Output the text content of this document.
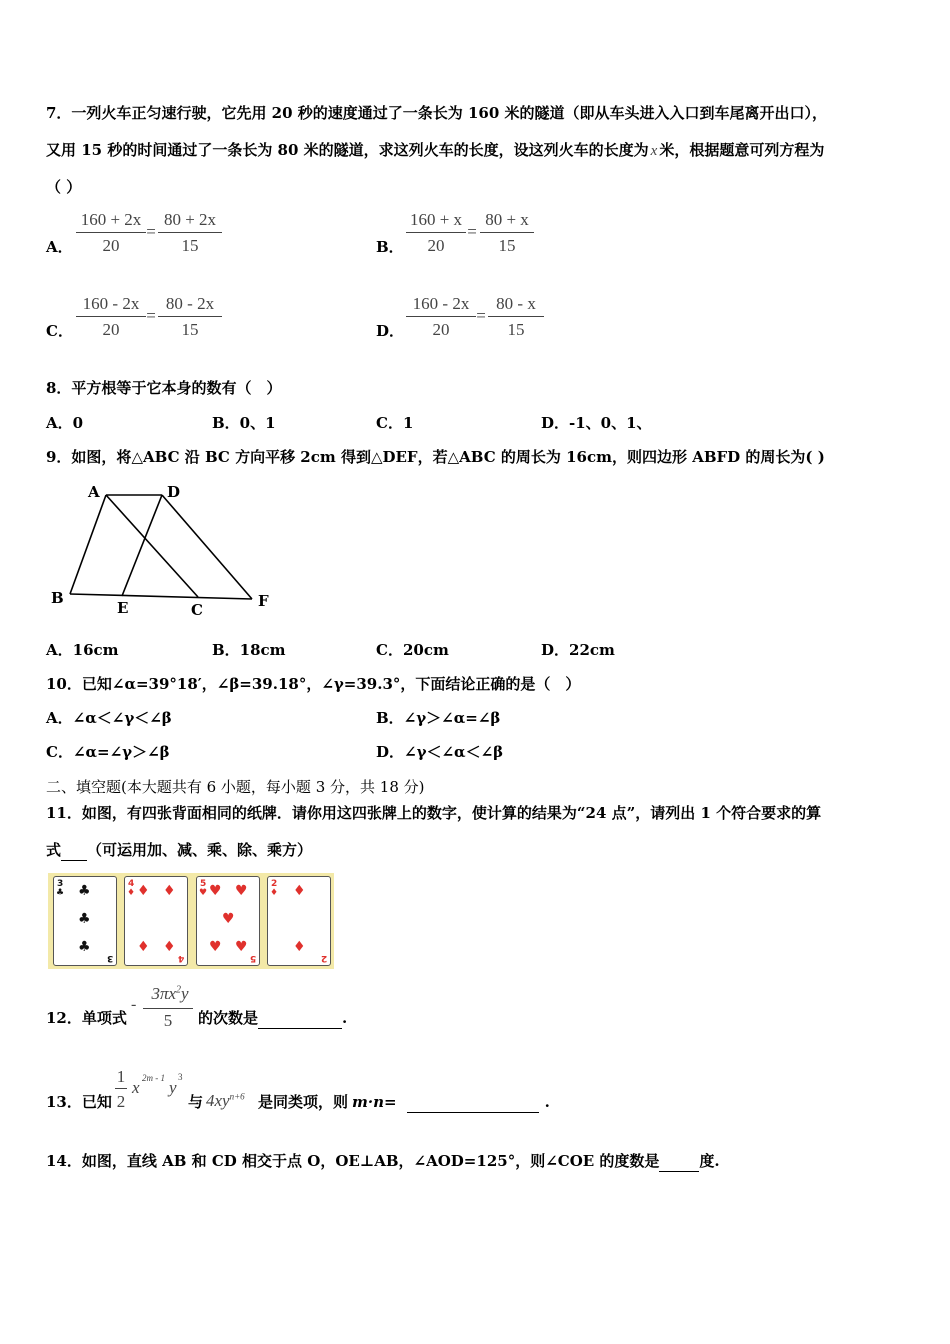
7．一列火车正匀速行驶，它先用 20 秒的速度通过了一条长为 160 米的隧道（即从车头进入入口到车尾离开出口），
又用 15 秒的时间通过了一条长为 80 米的隧道，求这列火车的长度，设这列火车的长度为 x 米，根据题意可列方程为
（ ）
A．
160 + 2x
20
=
80 + 2x
15	B．
160 + x
20
=
80 + x
15
C．
160 - 2x
20
=
80 - 2x
15	D．
160 - 2x
20
=
80 - x
15
8．平方根等于它本身的数有（　）
A．0	B．0、1	C．1	D．-1、0、1、
9．如图，将△ABC 沿 BC 方向平移 2cm 得到△DEF，若△ABC 的周长为 16cm，则四边形 ABFD 的周长为( )
A	D
B
E	C	F
A．16cm	B．18cm	C．20cm	D．22cm
10．已知∠α=39°18′，∠β=39.18°，∠γ=39.3°，下面结论正确的是（　）
A．∠α＜∠γ＜∠β	B．∠γ＞∠α=∠β
C．∠α=∠γ＞∠β	D．∠γ＜∠α＜∠β
二、填空题(本大题共有 6 小题，每小题 3 分，共 18 分)
11．如图，有四张背面相同的纸牌．请你用这四张牌上的数字，使计算的结果为“24 点”，请列出 1 个符合要求的算
式 （可运用加、减、乘、除、乘方）
3
♣ ♣
♣
♣
3
4
♦ ♦ ♦
♦ ♦
4
5
♥ ♥ ♥
♥
♥ ♥
5
2
♦ ♦
♦
2
12．单项式
-
$3\pi x^2y$
5	的次数是	.
13．已知
1
2
x 2m - 1 y
3
与 $4xy^{n+6}$ 是同类项，则 m·n=	.
14．如图，直线 AB 和 CD 相交于点 O，OE⊥AB，∠AOD=125°，则∠COE 的度数是	度.
